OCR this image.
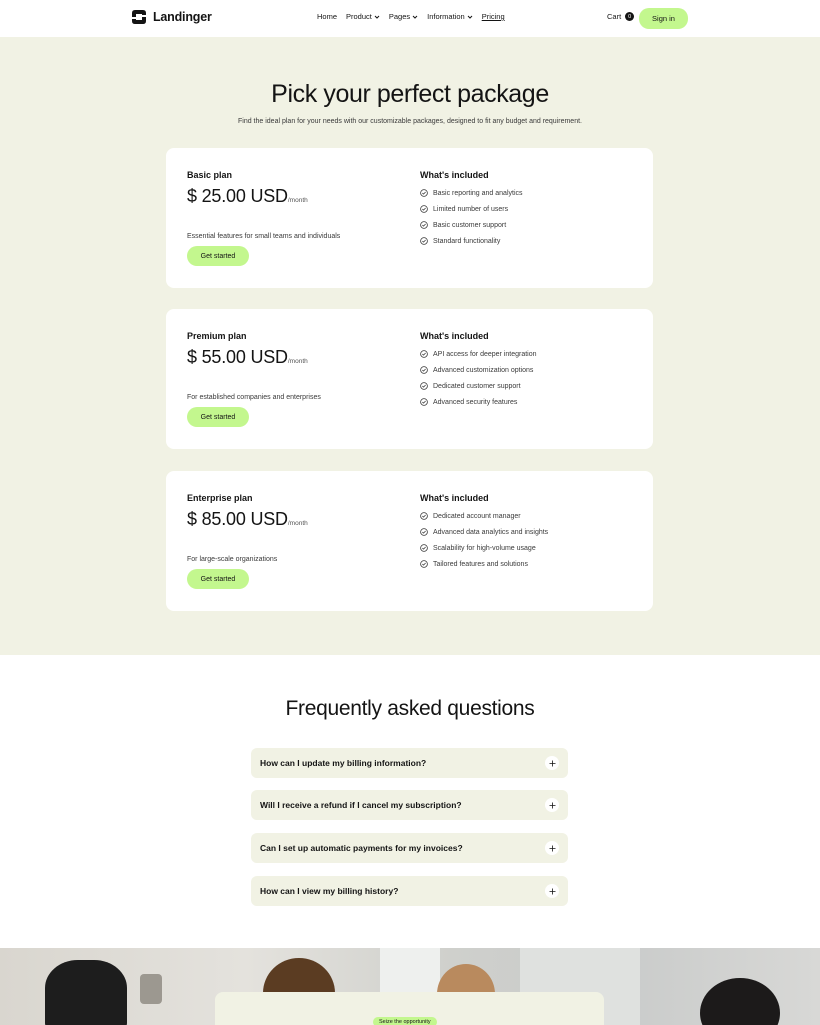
Landinger	Home Product Pages Information Pricing	Cart	0	Sign in
Pick your perfect package

Find the ideal plan for your needs with our customizable packages, designed to fit any budget and requirement.

Basic plan
$ 25.00 USD /month
Essential features for small teams and individuals
Get started
What's included
Basic reporting and analytics
Limited number of users
Basic customer support
Standard functionality
Premium plan
$ 55.00 USD /month
For established companies and enterprises
Get started
What's included
API access for deeper integration
Advanced customization options
Dedicated customer support
Advanced security features
Enterprise plan
$ 85.00 USD /month
For large-scale organizations
Get started
What's included
Dedicated account manager
Advanced data analytics and insights
Scalability for high-volume usage
Tailored features and solutions
Frequently asked questions
How can I update my billing information?
Will I receive a refund if I cancel my subscription?
Can I set up automatic payments for my invoices?
How can I view my billing history?
Seize the opportunity
